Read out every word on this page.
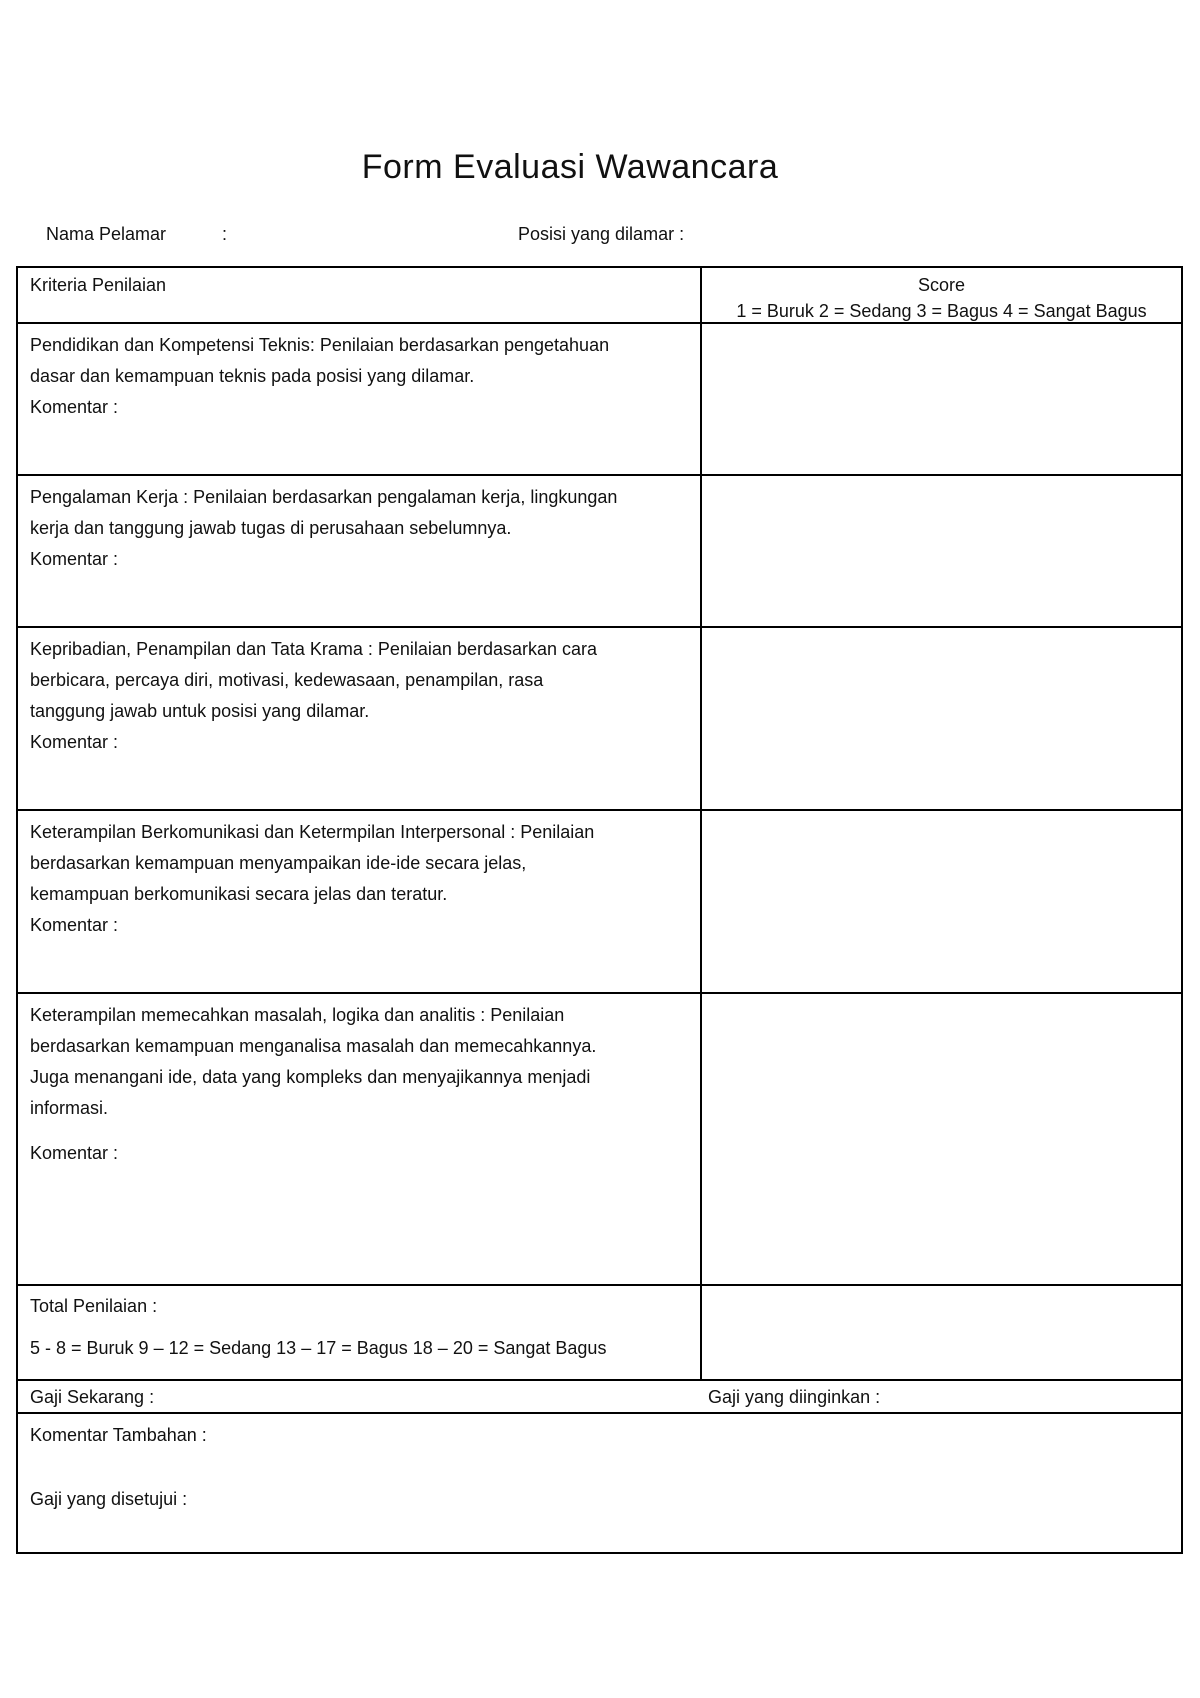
Form Evaluasi Wawancara
Nama Pelamar	:	Posisi yang dilamar :
Kriteria Penilaian	Score
1 = Buruk 2 = Sedang 3 = Bagus 4 = Sangat Bagus
Pendidikan dan Kompetensi Teknis: Penilaian berdasarkan pengetahuan
dasar dan kemampuan teknis pada posisi yang dilamar.
Komentar :
Pengalaman Kerja : Penilaian berdasarkan pengalaman kerja, lingkungan
kerja dan tanggung jawab tugas di perusahaan sebelumnya.
Komentar :
Kepribadian, Penampilan dan Tata Krama : Penilaian berdasarkan cara
berbicara, percaya diri, motivasi, kedewasaan, penampilan, rasa
tanggung jawab untuk posisi yang dilamar.
Komentar :
Keterampilan Berkomunikasi dan Ketermpilan Interpersonal : Penilaian
berdasarkan kemampuan menyampaikan ide-ide secara jelas,
kemampuan berkomunikasi secara jelas dan teratur.
Komentar :
Keterampilan memecahkan masalah, logika dan analitis : Penilaian
berdasarkan kemampuan menganalisa masalah dan memecahkannya.
Juga menangani ide, data yang kompleks dan menyajikannya menjadi
informasi.
Komentar :
Total Penilaian :
5 - 8 = Buruk 9 – 12 = Sedang 13 – 17 = Bagus 18 – 20 = Sangat Bagus
Gaji Sekarang :	Gaji yang diinginkan :
Komentar Tambahan :
Gaji yang disetujui :
